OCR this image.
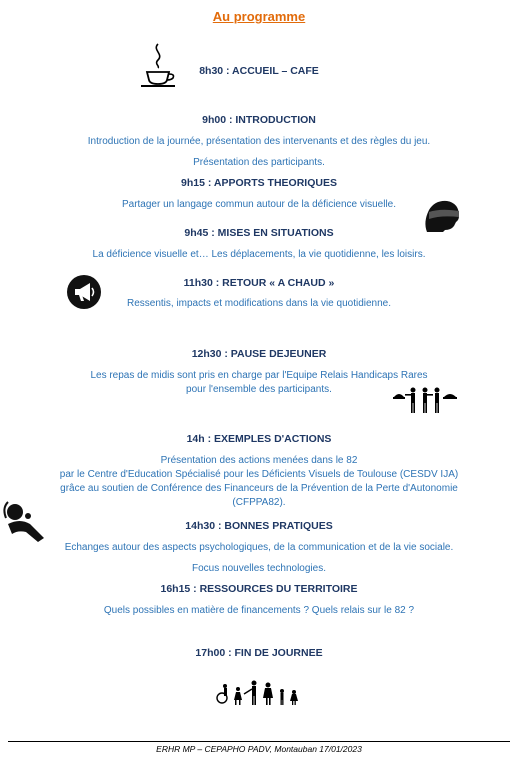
Au programme
8h30 : ACCUEIL – CAFE
9h00 : INTRODUCTION
Introduction de la journée, présentation des intervenants et des règles du jeu.
Présentation des participants.
9h15 : APPORTS THEORIQUES
Partager un langage commun autour de la déficience visuelle.
9h45 : MISES EN SITUATIONS
La déficience visuelle et… Les déplacements, la vie quotidienne, les loisirs.
11h30 : RETOUR « A CHAUD »
Ressentis, impacts et modifications dans la vie quotidienne.
12h30 : PAUSE DEJEUNER
Les repas de midis sont pris en charge par l'Equipe Relais Handicaps Rares
pour l'ensemble des participants.
14h : EXEMPLES D'ACTIONS
Présentation des actions menées dans le 82
par le Centre d'Education Spécialisé pour les Déficients Visuels de Toulouse (CESDV IJA)
grâce au soutien de Conférence des Financeurs de la Prévention de la Perte d'Autonomie
(CFPPA82).
14h30 : BONNES PRATIQUES
Echanges autour des aspects psychologiques, de la communication et de la vie sociale.
Focus nouvelles technologies.
16h15 : RESSOURCES DU TERRITOIRE
Quels possibles en matière de financements ? Quels relais sur le 82 ?
17h00 : FIN DE JOURNEE
ERHR MP – CEPAPHO PADV, Montauban 17/01/2023
